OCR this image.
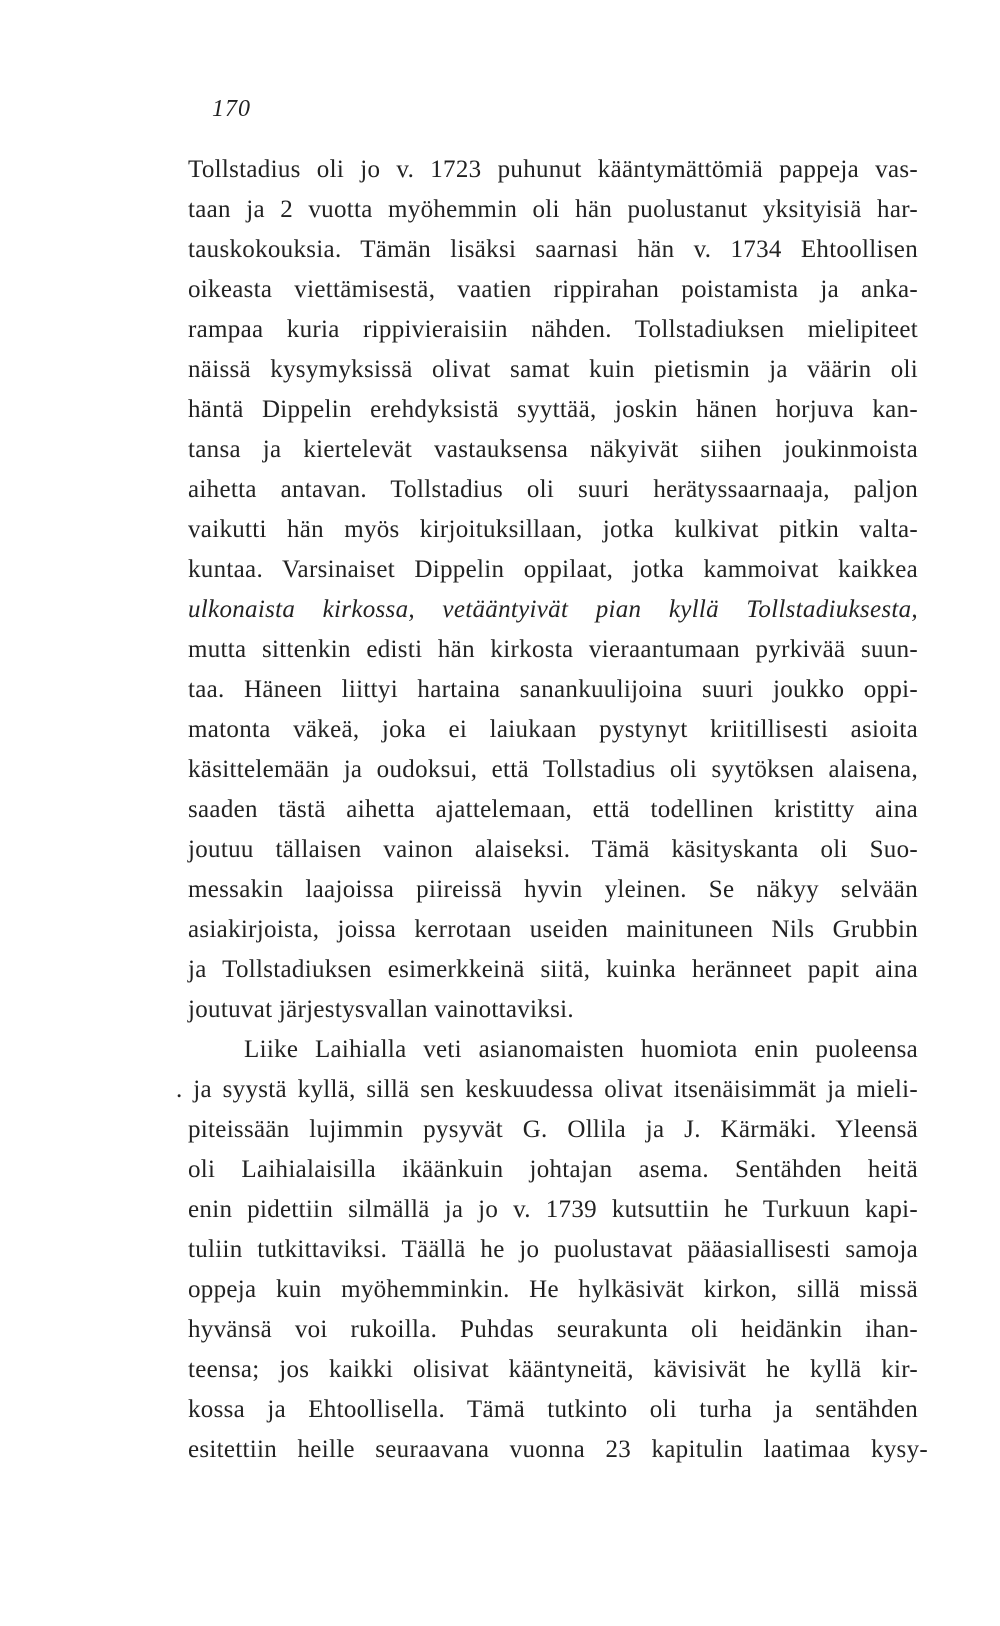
170
Tollstadius oli jo v. 1723 puhunut kääntymättömiä pappeja vas-
taan ja 2 vuotta myöhemmin oli hän puolustanut yksityisiä har-
tauskokouksia. Tämän lisäksi saarnasi hän v. 1734 Ehtoollisen
oikeasta viettämisestä, vaatien rippirahan poistamista ja anka-
rampaa kuria rippivieraisiin nähden. Tollstadiuksen mielipiteet
näissä kysymyksissä olivat samat kuin pietismin ja väärin oli
häntä Dippelin erehdyksistä syyttää, joskin hänen horjuva kan-
tansa ja kiertelevät vastauksensa näkyivät siihen joukinmoista
aihetta antavan. Tollstadius oli suuri herätyssaarnaaja, paljon
vaikutti hän myös kirjoituksillaan, jotka kulkivat pitkin valta-
kuntaa. Varsinaiset Dippelin oppilaat, jotka kammoivat kaikkea
ulkonaista kirkossa, vetääntyivät pian kyllä Tollstadiuksesta,
mutta sittenkin edisti hän kirkosta vieraantumaan pyrkivää suun-
taa. Häneen liittyi hartaina sanankuulijoina suuri joukko oppi-
matonta väkeä, joka ei laiukaan pystynyt kriitillisesti asioita
käsittelemään ja oudoksui, että Tollstadius oli syytöksen alaisena,
saaden tästä aihetta ajattelemaan, että todellinen kristitty aina
joutuu tällaisen vainon alaiseksi. Tämä käsityskanta oli Suo-
messakin laajoissa piireissä hyvin yleinen. Se näkyy selvään
asiakirjoista, joissa kerrotaan useiden mainituneen Nils Grubbin
ja Tollstadiuksen esimerkkeinä siitä, kuinka heränneet papit aina
joutuvat järjestysvallan vainottaviksi.
Liike Laihialla veti asianomaisten huomiota enin puoleensa
. ja syystä kyllä, sillä sen keskuudessa olivat itsenäisimmät ja mieli-
piteissään lujimmin pysyvät G. Ollila ja J. Kärmäki. Yleensä
oli Laihialaisilla ikäänkuin johtajan asema. Sentähden heitä
enin pidettiin silmällä ja jo v. 1739 kutsuttiin he Turkuun kapi-
tuliin tutkittaviksi. Täällä he jo puolustavat pääasiallisesti samoja
oppeja kuin myöhemminkin. He hylkäsivät kirkon, sillä missä
hyvänsä voi rukoilla. Puhdas seurakunta oli heidänkin ihan-
teensa; jos kaikki olisivat kääntyneitä, kävisivät he kyllä kir-
kossa ja Ehtoollisella. Tämä tutkinto oli turha ja sentähden
esitettiin heille seuraavana vuonna 23 kapitulin laatimaa kysy-
